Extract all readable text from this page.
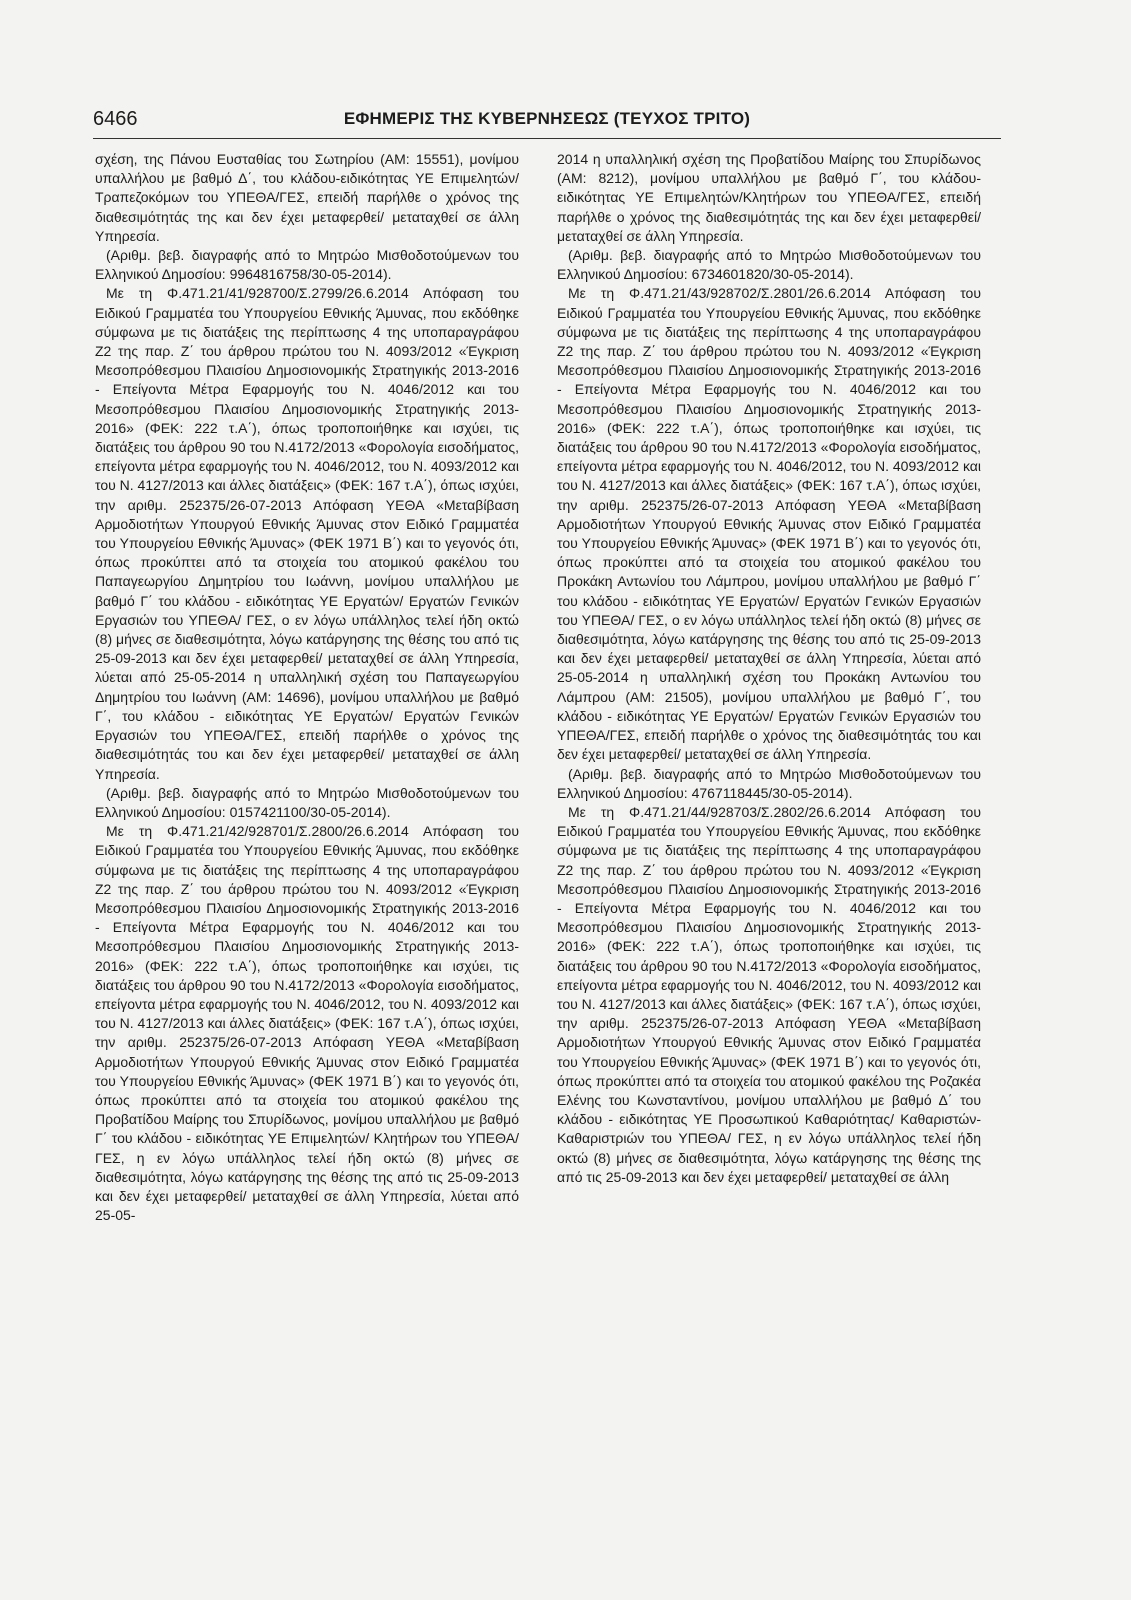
6466	ΕΦΗΜΕΡΙΣ ΤΗΣ ΚΥΒΕΡΝΗΣΕΩΣ (ΤΕΥΧΟΣ ΤΡΙΤΟ)

σχέση, της Πάνου Ευσταθίας του Σωτηρίου (ΑΜ: 15551), μονίμου υπαλλήλου με βαθμό Δ΄, του κλάδου-ειδικότητας ΥΕ Επιμελητών/ Τραπεζοκόμων του ΥΠΕΘΑ/ΓΕΣ, επειδή παρήλθε ο χρόνος της διαθεσιμότητάς της και δεν έχει μεταφερθεί/ μεταταχθεί σε άλλη Υπηρεσία.

(Αριθμ. βεβ. διαγραφής από το Μητρώο Μισθοδοτούμενων του Ελληνικού Δημοσίου: 9964816758/30-05-2014).

Με τη Φ.471.21/41/928700/Σ.2799/26.6.2014 Απόφαση του Ειδικού Γραμματέα του Υπουργείου Εθνικής Άμυνας, που εκδόθηκε σύμφωνα με τις διατάξεις της περίπτωσης 4 της υποπαραγράφου Ζ2 της παρ. Ζ΄ του άρθρου πρώτου του Ν. 4093/2012 «Έγκριση Μεσοπρόθεσμου Πλαισίου Δημοσιονομικής Στρατηγικής 2013-2016 - Επείγοντα Μέτρα Εφαρμογής του Ν. 4046/2012 και του Μεσοπρόθεσμου Πλαισίου Δημοσιονομικής Στρατηγικής 2013-2016» (ΦΕΚ: 222 τ.Α΄), όπως τροποποιήθηκε και ισχύει, τις διατάξεις του άρθρου 90 του Ν.4172/2013 «Φορολογία εισοδήματος, επείγοντα μέτρα εφαρμογής του Ν. 4046/2012, του Ν. 4093/2012 και του Ν. 4127/2013 και άλλες διατάξεις» (ΦΕΚ: 167 τ.Α΄), όπως ισχύει, την αριθμ. 252375/26-07-2013 Απόφαση ΥΕΘΑ «Μεταβίβαση Αρμοδιοτήτων Υπουργού Εθνικής Άμυνας στον Ειδικό Γραμματέα του Υπουργείου Εθνικής Άμυνας» (ΦΕΚ 1971 Β΄) και το γεγονός ότι, όπως προκύπτει από τα στοιχεία του ατομικού φακέλου του Παπαγεωργίου Δημητρίου του Ιωάννη, μονίμου υπαλλήλου με βαθμό Γ΄ του κλάδου - ειδικότητας ΥΕ Εργατών/ Εργατών Γενικών Εργασιών του ΥΠΕΘΑ/ ΓΕΣ, ο εν λόγω υπάλληλος τελεί ήδη οκτώ (8) μήνες σε διαθεσιμότητα, λόγω κατάργησης της θέσης του από τις 25-09-2013 και δεν έχει μεταφερθεί/ μεταταχθεί σε άλλη Υπηρεσία, λύεται από 25-05-2014 η υπαλληλική σχέση του Παπαγεωργίου Δημητρίου του Ιωάννη (ΑΜ: 14696), μονίμου υπαλλήλου με βαθμό Γ΄, του κλάδου - ειδικότητας ΥΕ Εργατών/ Εργατών Γενικών Εργασιών του ΥΠΕΘΑ/ΓΕΣ, επειδή παρήλθε ο χρόνος της διαθεσιμότητάς του και δεν έχει μεταφερθεί/ μεταταχθεί σε άλλη Υπηρεσία.

(Αριθμ. βεβ. διαγραφής από το Μητρώο Μισθοδοτούμενων του Ελληνικού Δημοσίου: 0157421100/30-05-2014).

Με τη Φ.471.21/42/928701/Σ.2800/26.6.2014 Απόφαση του Ειδικού Γραμματέα του Υπουργείου Εθνικής Άμυνας, που εκδόθηκε σύμφωνα με τις διατάξεις της περίπτωσης 4 της υποπαραγράφου Ζ2 της παρ. Ζ΄ του άρθρου πρώτου του Ν. 4093/2012 «Έγκριση Μεσοπρόθεσμου Πλαισίου Δημοσιονομικής Στρατηγικής 2013-2016 - Επείγοντα Μέτρα Εφαρμογής του Ν. 4046/2012 και του Μεσοπρόθεσμου Πλαισίου Δημοσιονομικής Στρατηγικής 2013-2016» (ΦΕΚ: 222 τ.Α΄), όπως τροποποιήθηκε και ισχύει, τις διατάξεις του άρθρου 90 του Ν.4172/2013 «Φορολογία εισοδήματος, επείγοντα μέτρα εφαρμογής του Ν. 4046/2012, του Ν. 4093/2012 και του Ν. 4127/2013 και άλλες διατάξεις» (ΦΕΚ: 167 τ.Α΄), όπως ισχύει, την αριθμ. 252375/26-07-2013 Απόφαση ΥΕΘΑ «Μεταβίβαση Αρμοδιοτήτων Υπουργού Εθνικής Άμυνας στον Ειδικό Γραμματέα του Υπουργείου Εθνικής Άμυνας» (ΦΕΚ 1971 Β΄) και το γεγονός ότι, όπως προκύπτει από τα στοιχεία του ατομικού φακέλου της Προβατίδου Μαίρης του Σπυρίδωνος, μονίμου υπαλλήλου με βαθμό Γ΄ του κλάδου - ειδικότητας ΥΕ Επιμελητών/ Κλητήρων του ΥΠΕΘΑ/ ΓΕΣ, η εν λόγω υπάλληλος τελεί ήδη οκτώ (8) μήνες σε διαθεσιμότητα, λόγω κατάργησης της θέσης της από τις 25-09-2013 και δεν έχει μεταφερθεί/ μεταταχθεί σε άλλη Υπηρεσία, λύεται από 25-05-

2014 η υπαλληλική σχέση της Προβατίδου Μαίρης του Σπυρίδωνος (ΑΜ: 8212), μονίμου υπαλλήλου με βαθμό Γ΄, του κλάδου-ειδικότητας ΥΕ Επιμελητών/Κλητήρων του ΥΠΕΘΑ/ΓΕΣ, επειδή παρήλθε ο χρόνος της διαθεσιμότητάς της και δεν έχει μεταφερθεί/ μεταταχθεί σε άλλη Υπηρεσία.

(Αριθμ. βεβ. διαγραφής από το Μητρώο Μισθοδοτούμενων του Ελληνικού Δημοσίου: 6734601820/30-05-2014).

Με τη Φ.471.21/43/928702/Σ.2801/26.6.2014 Απόφαση του Ειδικού Γραμματέα του Υπουργείου Εθνικής Άμυνας, που εκδόθηκε σύμφωνα με τις διατάξεις της περίπτωσης 4 της υποπαραγράφου Ζ2 της παρ. Ζ΄ του άρθρου πρώτου του Ν. 4093/2012 «Έγκριση Μεσοπρόθεσμου Πλαισίου Δημοσιονομικής Στρατηγικής 2013-2016 - Επείγοντα Μέτρα Εφαρμογής του Ν. 4046/2012 και του Μεσοπρόθεσμου Πλαισίου Δημοσιονομικής Στρατηγικής 2013-2016» (ΦΕΚ: 222 τ.Α΄), όπως τροποποιήθηκε και ισχύει, τις διατάξεις του άρθρου 90 του Ν.4172/2013 «Φορολογία εισοδήματος, επείγοντα μέτρα εφαρμογής του Ν. 4046/2012, του Ν. 4093/2012 και του Ν. 4127/2013 και άλλες διατάξεις» (ΦΕΚ: 167 τ.Α΄), όπως ισχύει, την αριθμ. 252375/26-07-2013 Απόφαση ΥΕΘΑ «Μεταβίβαση Αρμοδιοτήτων Υπουργού Εθνικής Άμυνας στον Ειδικό Γραμματέα του Υπουργείου Εθνικής Άμυνας» (ΦΕΚ 1971 Β΄) και το γεγονός ότι, όπως προκύπτει από τα στοιχεία του ατομικού φακέλου του Προκάκη Αντωνίου του Λάμπρου, μονίμου υπαλλήλου με βαθμό Γ΄ του κλάδου - ειδικότητας ΥΕ Εργατών/ Εργατών Γενικών Εργασιών του ΥΠΕΘΑ/ ΓΕΣ, ο εν λόγω υπάλληλος τελεί ήδη οκτώ (8) μήνες σε διαθεσιμότητα, λόγω κατάργησης της θέσης του από τις 25-09-2013 και δεν έχει μεταφερθεί/ μεταταχθεί σε άλλη Υπηρεσία, λύεται από 25-05-2014 η υπαλληλική σχέση του Προκάκη Αντωνίου του Λάμπρου (ΑΜ: 21505), μονίμου υπαλλήλου με βαθμό Γ΄, του κλάδου - ειδικότητας ΥΕ Εργατών/ Εργατών Γενικών Εργασιών του ΥΠΕΘΑ/ΓΕΣ, επειδή παρήλθε ο χρόνος της διαθεσιμότητάς του και δεν έχει μεταφερθεί/ μεταταχθεί σε άλλη Υπηρεσία.

(Αριθμ. βεβ. διαγραφής από το Μητρώο Μισθοδοτούμενων του Ελληνικού Δημοσίου: 4767118445/30-05-2014).

Με τη Φ.471.21/44/928703/Σ.2802/26.6.2014 Απόφαση του Ειδικού Γραμματέα του Υπουργείου Εθνικής Άμυνας, που εκδόθηκε σύμφωνα με τις διατάξεις της περίπτωσης 4 της υποπαραγράφου Ζ2 της παρ. Ζ΄ του άρθρου πρώτου του Ν. 4093/2012 «Έγκριση Μεσοπρόθεσμου Πλαισίου Δημοσιονομικής Στρατηγικής 2013-2016 - Επείγοντα Μέτρα Εφαρμογής του Ν. 4046/2012 και του Μεσοπρόθεσμου Πλαισίου Δημοσιονομικής Στρατηγικής 2013-2016» (ΦΕΚ: 222 τ.Α΄), όπως τροποποιήθηκε και ισχύει, τις διατάξεις του άρθρου 90 του Ν.4172/2013 «Φορολογία εισοδήματος, επείγοντα μέτρα εφαρμογής του Ν. 4046/2012, του Ν. 4093/2012 και του Ν. 4127/2013 και άλλες διατάξεις» (ΦΕΚ: 167 τ.Α΄), όπως ισχύει, την αριθμ. 252375/26-07-2013 Απόφαση ΥΕΘΑ «Μεταβίβαση Αρμοδιοτήτων Υπουργού Εθνικής Άμυνας στον Ειδικό Γραμματέα του Υπουργείου Εθνικής Άμυνας» (ΦΕΚ 1971 Β΄) και το γεγονός ότι, όπως προκύπτει από τα στοιχεία του ατομικού φακέλου της Ροζακέα Ελένης του Κωνσταντίνου, μονίμου υπαλλήλου με βαθμό Δ΄ του κλάδου - ειδικότητας ΥΕ Προσωπικού Καθαριότητας/ Καθαριστών-Καθαριστριών του ΥΠΕΘΑ/ ΓΕΣ, η εν λόγω υπάλληλος τελεί ήδη οκτώ (8) μήνες σε διαθεσιμότητα, λόγω κατάργησης της θέσης της από τις 25-09-2013 και δεν έχει μεταφερθεί/ μεταταχθεί σε άλλη
